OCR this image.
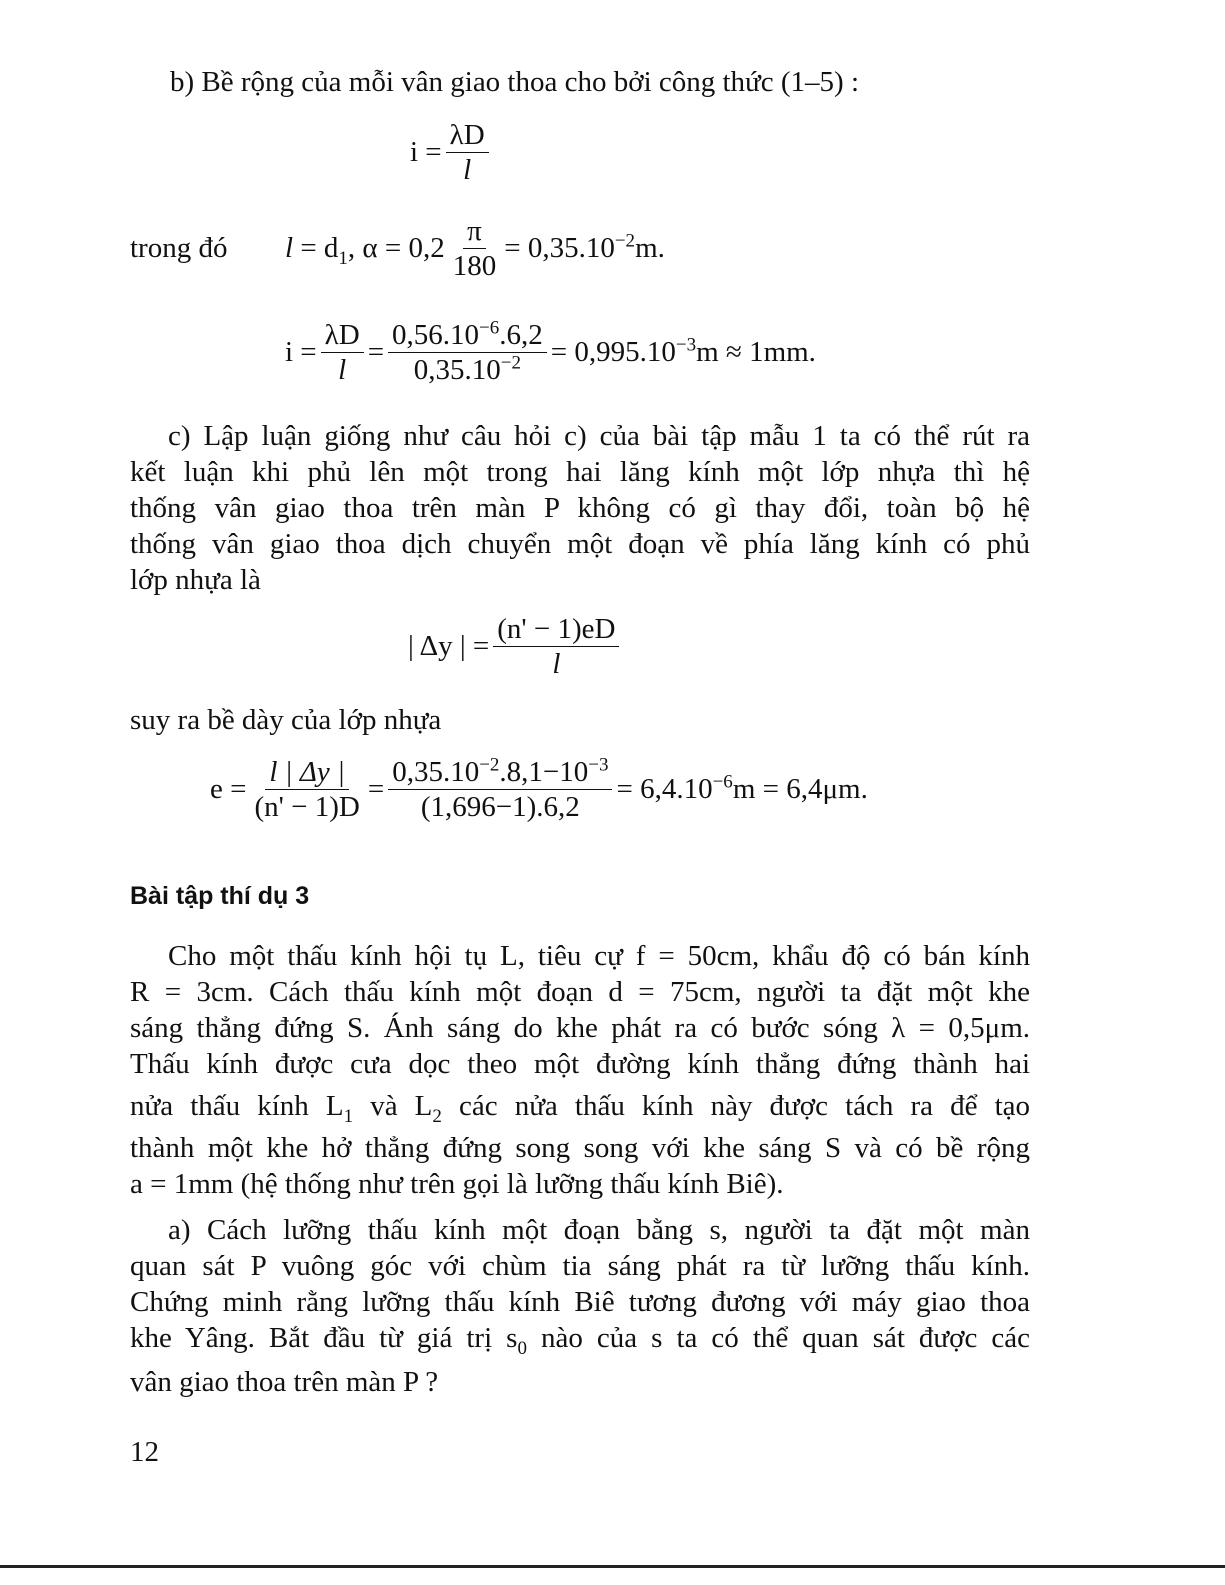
b) Bề rộng của mỗi vân giao thoa cho bởi công thức (1–5) :
$i = \frac{\lambda D}{l}$
trong đó $l = d_1$ , $\alpha = 0,2 \frac{\pi}{180} = 0,35.10^{-2}m$.
$i = \frac{\lambda D}{l} = \frac{0,56.10^{-6}.6,2}{0,35.10^{-2}} = 0,995.10^{-3}m \approx 1mm$.
c) Lập luận giống như câu hỏi c) của bài tập mẫu 1 ta có thể rút ra
kết luận khi phủ lên một trong hai lăng kính một lớp nhựa thì hệ
thống vân giao thoa trên màn P không có gì thay đổi, toàn bộ hệ
thống vân giao thoa dịch chuyển một đoạn về phía lăng kính có phủ
lớp nhựa là
| Δy | = $\frac{(n' - 1)eD}{l}$
suy ra bề dày của lớp nhựa
$e = \frac{l | \Delta y |}{(n' - 1)D} = \frac{0,35.10^{-2}.8,1-10^{-3}}{(1,696-1).6,2} = 6,4.10^{-6}m = 6,4\mu m$.
Bài tập thí dụ 3
Cho một thấu kính hội tụ L, tiêu cự f = 50cm, khẩu độ có bán kính
R = 3cm. Cách thấu kính một đoạn d = 75cm, người ta đặt một khe
sáng thẳng đứng S. Ánh sáng do khe phát ra có bước sóng λ = 0,5μm.
Thấu kính được cưa dọc theo một đường kính thẳng đứng thành hai
nửa thấu kính $L_1$ và $L_2$ các nửa thấu kính này được tách ra để tạo
thành một khe hở thẳng đứng song song với khe sáng S và có bề rộng
a = 1mm (hệ thống như trên gọi là lưỡng thấu kính Biê).
a) Cách lưỡng thấu kính một đoạn bằng s, người ta đặt một màn
quan sát P vuông góc với chùm tia sáng phát ra từ lưỡng thấu kính.
Chứng minh rằng lưỡng thấu kính Biê tương đương với máy giao thoa
khe Yâng. Bắt đầu từ giá trị $s_0$ nào của s ta có thể quan sát được các
vân giao thoa trên màn P ?
12
